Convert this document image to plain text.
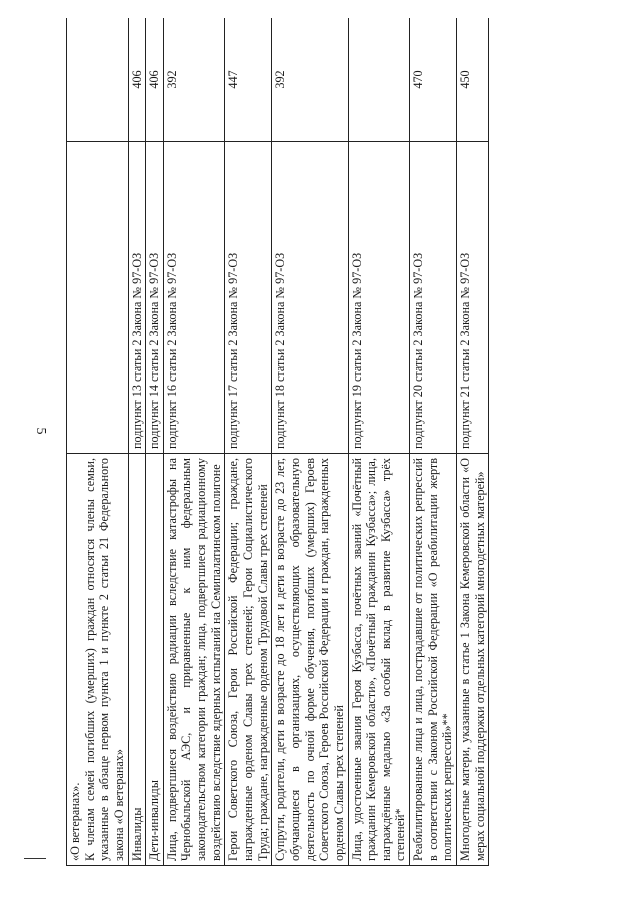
5
«О ветеранах».
К членам семей погибших (умерших) граждан относятся члены семьи, указанные в абзаце первом пункта 1 и пункте 2 статьи 21 Федерального закона «О ветеранах»		
Инвалиды	подпункт 13 статьи 2 Закона № 97-ОЗ	406
Дети-инвалиды	подпункт 14 статьи 2 Закона № 97-ОЗ	406
Лица, подвергшиеся воздействию радиации вследствие катастрофы на Чернобыльской АЭС, и приравненные к ним федеральным законодательством категории граждан; лица, подвергшиеся радиационному воздействию вследствие ядерных испытаний на Семипалатинском полигоне	подпункт 16 статьи 2 Закона № 97-ОЗ	392
Герои Советского Союза, Герои Российской Федерации; граждане, награжденные орденом Славы трех степеней; Герои Социалистического Труда; граждане, награжденные орденом Трудовой Славы трех степеней	подпункт 17 статьи 2 Закона № 97-ОЗ	447
Супруги, родители, дети в возрасте до 18 лет и дети в возрасте до 23 лет, обучающиеся в организациях, осуществляющих образовательную деятельность по очной форме обучения, погибших (умерших) Героев Советского Союза, Героев Российской Федерации и граждан, награжденных орденом Славы трех степеней	подпункт 18 статьи 2 Закона № 97-ОЗ	392
Лица, удостоенные звания Героя Кузбасса, почётных званий «Почётный гражданин Кемеровской области», «Почётный гражданин Кузбасса»; лица, награждённые медалью «За особый вклад в развитие Кузбасса» трёх степеней*	подпункт 19 статьи 2 Закона № 97-ОЗ	
Реабилитированные лица и лица, пострадавшие от политических репрессий в соответствии с Законом Российской Федерации «О реабилитации жертв политических репрессий»**	подпункт 20 статьи 2 Закона № 97-ОЗ	470
Многодетные матери, указанные в статье 1 Закона Кемеровской области «О мерах социальной поддержки отдельных категорий многодетных матерей»	подпункт 21 статьи 2 Закона № 97-ОЗ	450
